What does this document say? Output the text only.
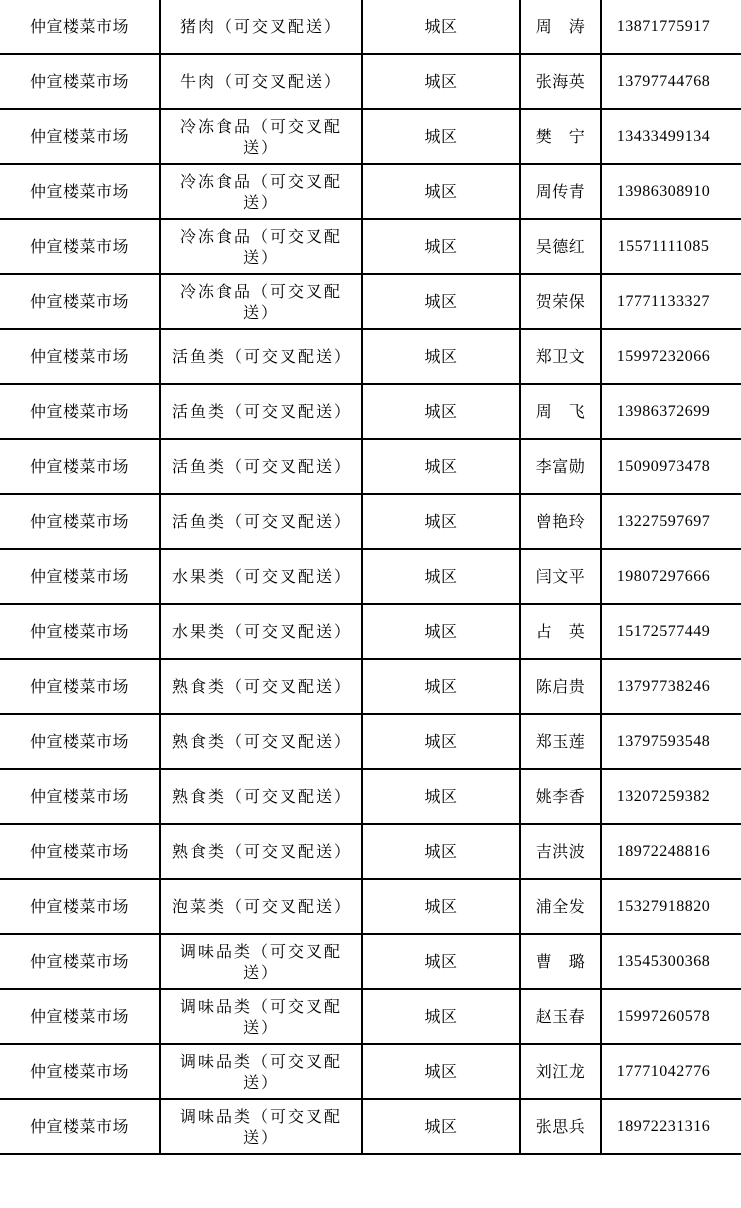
仲宣楼菜市场	猪肉（可交叉配送）	城区	周　涛	13871775917
仲宣楼菜市场	牛肉（可交叉配送）	城区	张海英	13797744768
仲宣楼菜市场	冷冻食品（可交叉配送）	城区	樊　宁	13433499134
仲宣楼菜市场	冷冻食品（可交叉配送）	城区	周传青	13986308910
仲宣楼菜市场	冷冻食品（可交叉配送）	城区	吴德红	15571111085
仲宣楼菜市场	冷冻食品（可交叉配送）	城区	贺荣保	17771133327
仲宣楼菜市场	活鱼类（可交叉配送）	城区	郑卫文	15997232066
仲宣楼菜市场	活鱼类（可交叉配送）	城区	周　飞	13986372699
仲宣楼菜市场	活鱼类（可交叉配送）	城区	李富勋	15090973478
仲宣楼菜市场	活鱼类（可交叉配送）	城区	曾艳玲	13227597697
仲宣楼菜市场	水果类（可交叉配送）	城区	闫文平	19807297666
仲宣楼菜市场	水果类（可交叉配送）	城区	占　英	15172577449
仲宣楼菜市场	熟食类（可交叉配送）	城区	陈启贵	13797738246
仲宣楼菜市场	熟食类（可交叉配送）	城区	郑玉莲	13797593548
仲宣楼菜市场	熟食类（可交叉配送）	城区	姚李香	13207259382
仲宣楼菜市场	熟食类（可交叉配送）	城区	吉洪波	18972248816
仲宣楼菜市场	泡菜类（可交叉配送）	城区	浦全发	15327918820
仲宣楼菜市场	调味品类（可交叉配送）	城区	曹　璐	13545300368
仲宣楼菜市场	调味品类（可交叉配送）	城区	赵玉春	15997260578
仲宣楼菜市场	调味品类（可交叉配送）	城区	刘江龙	17771042776
仲宣楼菜市场	调味品类（可交叉配送）	城区	张思兵	18972231316
